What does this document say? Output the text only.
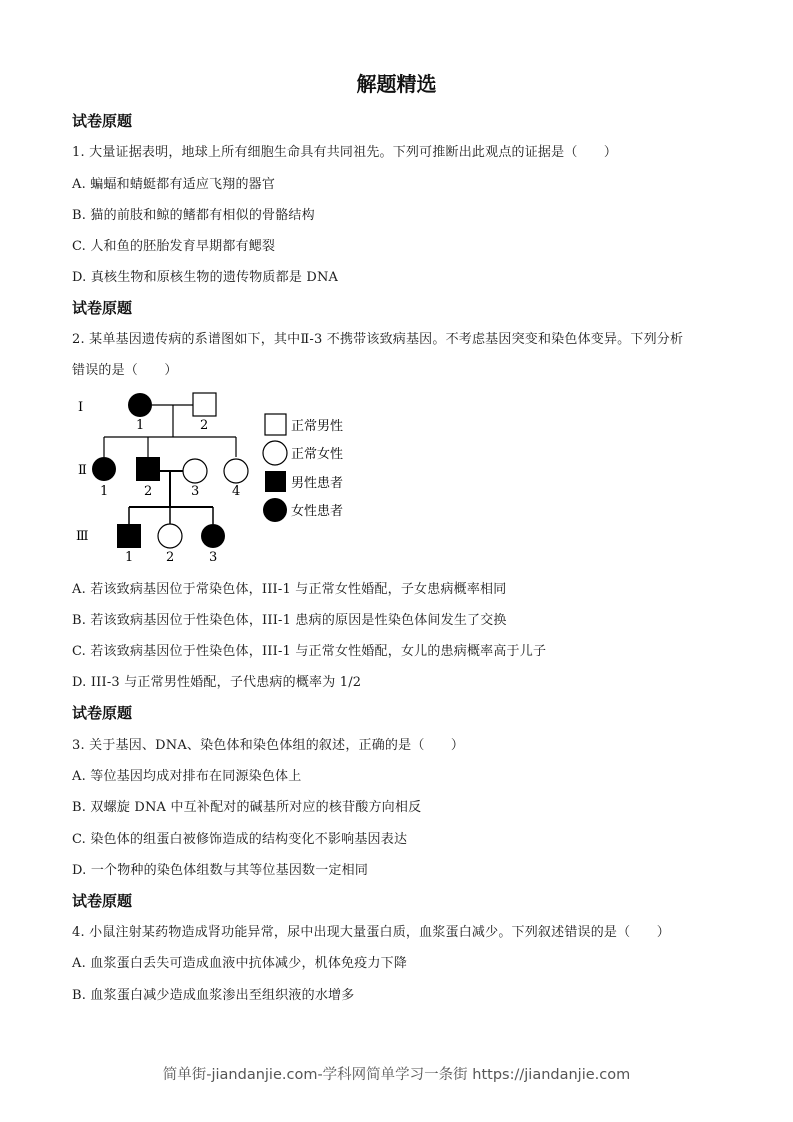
解题精选
试卷原题
1. 大量证据表明，地球上所有细胞生命具有共同祖先。下列可推断出此观点的证据是（　　）
A. 蝙蝠和蜻蜓都有适应飞翔的器官
B. 猫的前肢和鲸的鳍都有相似的骨骼结构
C. 人和鱼的胚胎发育早期都有鳃裂
D. 真核生物和原核生物的遗传物质都是 DNA
试卷原题
2. 某单基因遗传病的系谱图如下，其中Ⅱ-3 不携带该致病基因。不考虑基因突变和染色体变异。下列分析
错误的是（　　）
Ⅰ
Ⅱ
Ⅲ
1	2
1	2	3	4
1	2	3
正常男性
正常女性
男性患者
女性患者
A. 若该致病基因位于常染色体，III-1 与正常女性婚配，子女患病概率相同
B. 若该致病基因位于性染色体，III-1 患病的原因是性染色体间发生了交换
C. 若该致病基因位于性染色体，III-1 与正常女性婚配，女儿的患病概率高于儿子
D. III-3 与正常男性婚配，子代患病的概率为 1/2
试卷原题
3. 关于基因、DNA、染色体和染色体组的叙述，正确的是（　　）
A. 等位基因均成对排布在同源染色体上
B. 双螺旋 DNA 中互补配对的碱基所对应的核苷酸方向相反
C. 染色体的组蛋白被修饰造成的结构变化不影响基因表达
D. 一个物种的染色体组数与其等位基因数一定相同
试卷原题
4. 小鼠注射某药物造成肾功能异常，尿中出现大量蛋白质，血浆蛋白减少。下列叙述错误的是（　　）
A. 血浆蛋白丢失可造成血液中抗体减少，机体免疫力下降
B. 血浆蛋白减少造成血浆渗出至组织液的水增多
简单街-jiandanjie.com-学科网简单学习一条街 https://jiandanjie.com
